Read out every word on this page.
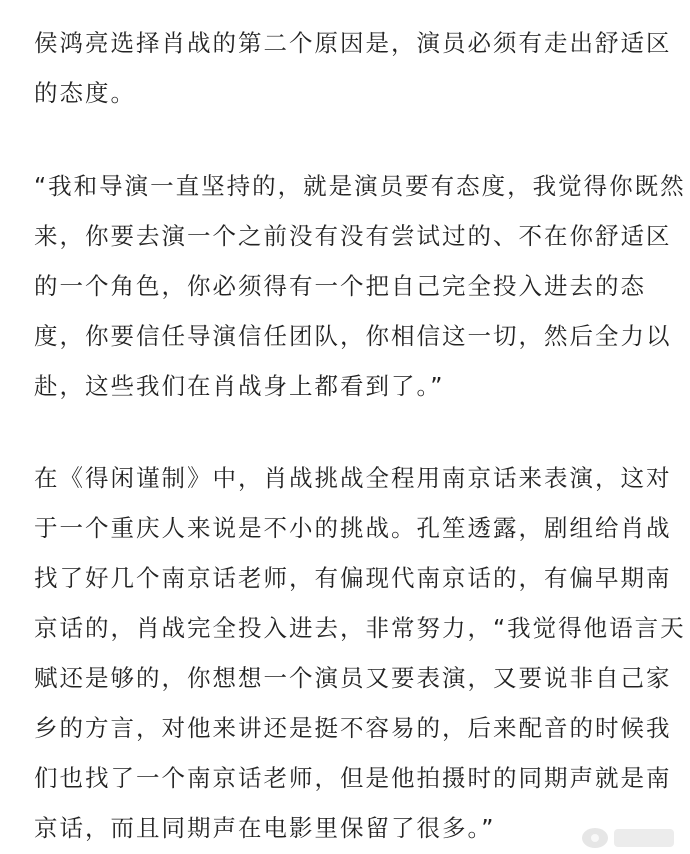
侯鸿亮选择肖战的第二个原因是，演员必须有走出舒适区
的态度。
“我和导演一直坚持的，就是演员要有态度，我觉得你既然
来，你要去演一个之前没有没有尝试过的、不在你舒适区
的一个角色，你必须得有一个把自己完全投入进去的态
度，你要信任导演信任团队，你相信这一切，然后全力以
赴，这些我们在肖战身上都看到了。”
在《得闲谨制》中，肖战挑战全程用南京话来表演，这对
于一个重庆人来说是不小的挑战。孔笙透露，剧组给肖战
找了好几个南京话老师，有偏现代南京话的，有偏早期南
京话的，肖战完全投入进去，非常努力，“我觉得他语言天
赋还是够的，你想想一个演员又要表演，又要说非自己家
乡的方言，对他来讲还是挺不容易的，后来配音的时候我
们也找了一个南京话老师，但是他拍摄时的同期声就是南
京话，而且同期声在电影里保留了很多。”
